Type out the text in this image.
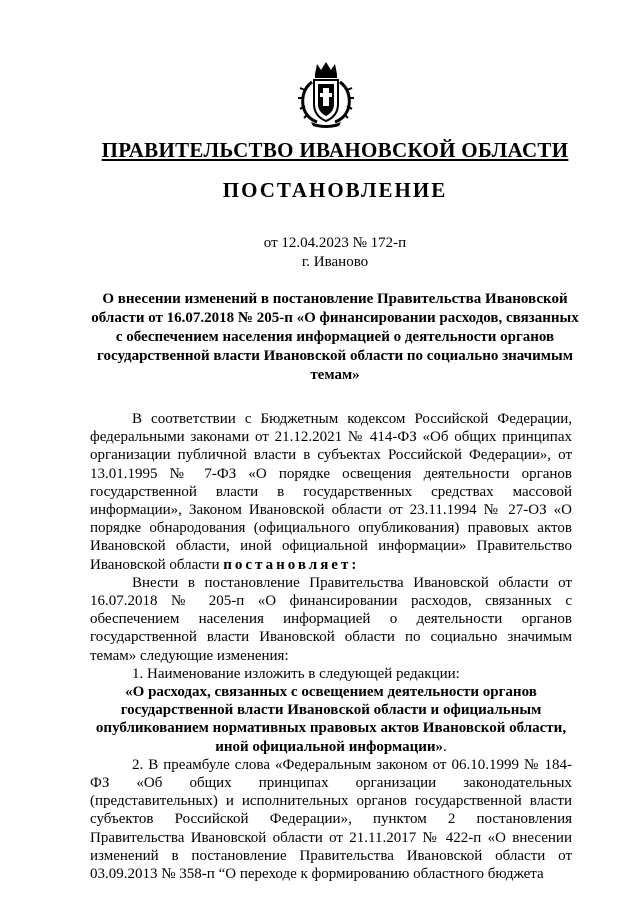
ПРАВИТЕЛЬСТВО ИВАНОВСКОЙ ОБЛАСТИ
ПОСТАНОВЛЕНИЕ
от 12.04.2023 № 172-п
г. Иваново
О внесении изменений в постановление Правительства Ивановской области от 16.07.2018 № 205-п «О финансировании расходов, связанных с обеспечением населения информацией о деятельности органов государственной власти Ивановской области по социально значимым темам»

В соответствии с Бюджетным кодексом Российской Федерации, федеральными законами от 21.12.2021 № 414-ФЗ «Об общих принципах организации публичной власти в субъектах Российской Федерации», от 13.01.1995 № 7-ФЗ «О порядке освещения деятельности органов государственной власти в государственных средствах массовой информации», Законом Ивановской области от 23.11.1994 № 27-ОЗ «О порядке обнародования (официального опубликования) правовых актов Ивановской области, иной официальной информации» Правительство Ивановской области постановляет:

Внести в постановление Правительства Ивановской области от 16.07.2018 № 205-п «О финансировании расходов, связанных с обеспечением населения информацией о деятельности органов государственной власти Ивановской области по социально значимым темам» следующие изменения:

1. Наименование изложить в следующей редакции:

«О расходах, связанных с освещением деятельности органов государственной власти Ивановской области и официальным опубликованием нормативных правовых актов Ивановской области, иной официальной информации».

2. В преамбуле слова «Федеральным законом от 06.10.1999 № 184-ФЗ «Об общих принципах организации законодательных (представительных) и исполнительных органов государственной власти субъектов Российской Федерации», пунктом 2 постановления Правительства Ивановской области от 21.11.2017 № 422-п «О внесении изменений в постановление Правительства Ивановской области от 03.09.2013 № 358-п “О переходе к формированию областного бюджета
